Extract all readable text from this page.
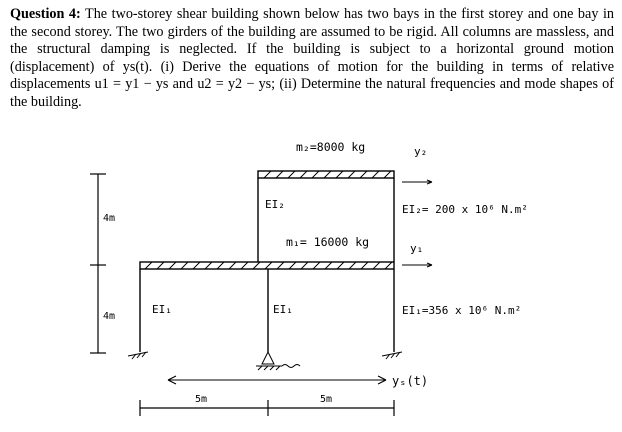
Question 4: The two-storey shear building shown below has two bays in the first storey and one bay in the second storey. The two girders of the building are assumed to be rigid. All columns are massless, and the structural damping is neglected. If the building is subject to a horizontal ground motion (displacement) of ys(t). (i) Derive the equations of motion for the building in terms of relative displacements u1 = y1 − ys and u2 = y2 − ys; (ii) Determine the natural frequencies and mode shapes of the building.

m₂=8000 kg	y₂
EI₂	EI₂= 200 x 10⁶ N.m²
4m
m₁= 16000 kg	y₁
EI₁	EI₁	EI₁=356 x 10⁶ N.m²
4m
yₛ(t)
5m	5m
